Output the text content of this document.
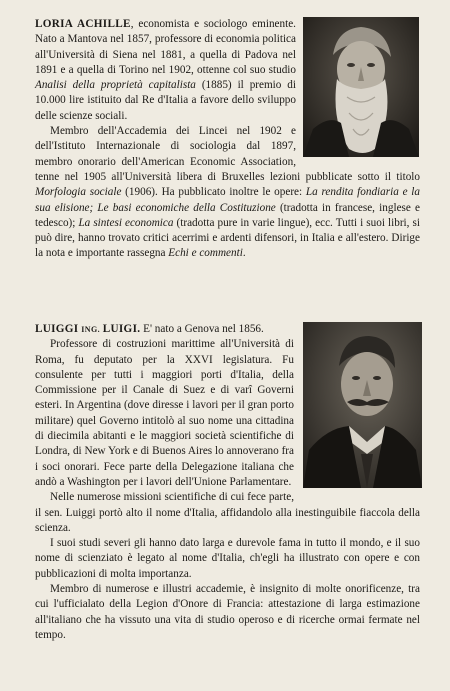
LORIA ACHILLE, economista e sociologo eminente. Nato a Mantova nel 1857, professore di economia politica all'Università di Siena nel 1881, a quella di Padova nel 1891 e a quella di Torino nel 1902, ottenne col suo studio Analisi della proprietà capitalista (1885) il premio di 10.000 lire istituito dal Re d'Italia a favore dello sviluppo delle scienze sociali.

Membro dell'Accademia dei Lincei nel 1902 e dell'Istituto Internazionale di sociologia dal 1897, membro onorario dell'American Economic Association, tenne nel 1905 all'Università libera di Bruxelles lezioni pubblicate sotto il titolo Morfologia sociale (1906). Ha pubblicato inoltre le opere: La rendita fondiaria e la sua elisione; Le basi economiche della Costituzione (tradotta in francese, inglese e tedesco); La sintesi economica (tradotta pure in varie lingue), ecc. Tutti i suoi libri, si può dire, hanno trovato critici acerrimi e ardenti difensori, in Italia e all'estero. Dirige la nota e importante rassegna Echi e commenti.

LUIGGI ING. LUIGI. E' nato a Genova nel 1856.

Professore di costruzioni marittime all'Università di Roma, fu deputato per la XXVI legislatura. Fu consulente per tutti i maggiori porti d'Italia, della Commissione per il Canale di Suez e di varî Governi esteri. In Argentina (dove diresse i lavori per il gran porto militare) quel Governo intitolò al suo nome una cittadina di diecimila abitanti e le maggiori società scientifiche di Londra, di New York e di Buenos Aires lo annoverano fra i soci onorari. Fece parte della Delegazione italiana che andò a Washington per i lavori dell'Unione Parlamentare.

Nelle numerose missioni scientifiche di cui fece parte, il sen. Luiggi portò alto il nome d'Italia, affidandolo alla inestinguibile fiaccola della scienza.

I suoi studi severi gli hanno dato larga e durevole fama in tutto il mondo, e il suo nome di scienziato è legato al nome d'Italia, ch'egli ha illustrato con opere e con pubblicazioni di molta importanza.

Membro di numerose e illustri accademie, è insignito di molte onorificenze, tra cui l'ufficialato della Legion d'Onore di Francia: attestazione di larga estimazione all'italiano che ha vissuto una vita di studio operoso e di ricerche ormai fermate nel tempo.
